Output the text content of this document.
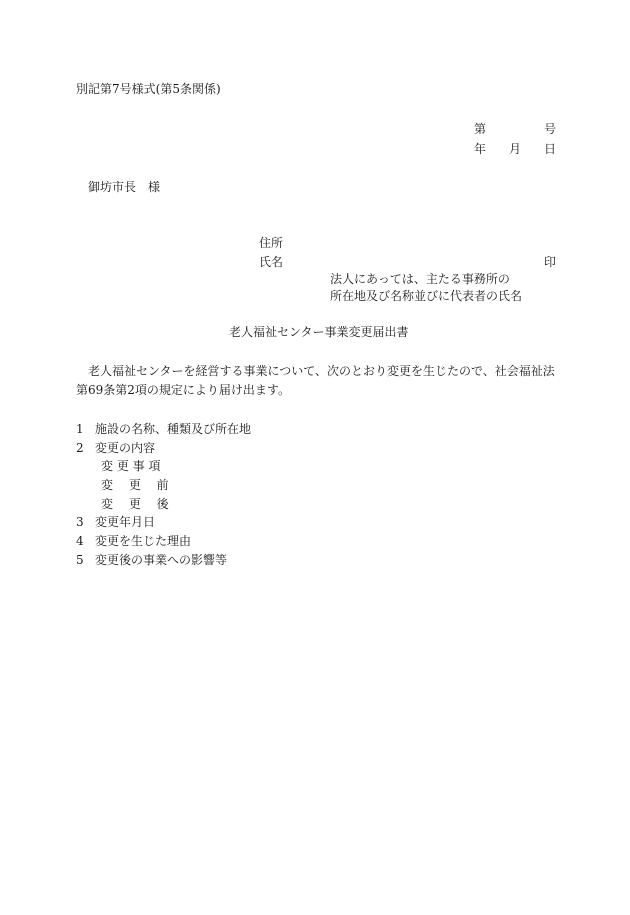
別記第7号様式(第5条関係)
第	号
年 月 日
御坊市長　様
住所
氏名	印
法人にあっては、主たる事務所の
所在地及び名称並びに代表者の氏名
老人福祉センター事業変更届出書
老人福祉センターを経営する事業について、次のとおり変更を生じたので、社会福祉法第69条第2項の規定により届け出ます。
1 施設の名称、種類及び所在地
2 変更の内容
変 更 事 項
変　 更　 前
変　 更　 後
3 変更年月日
4 変更を生じた理由
5 変更後の事業への影響等
